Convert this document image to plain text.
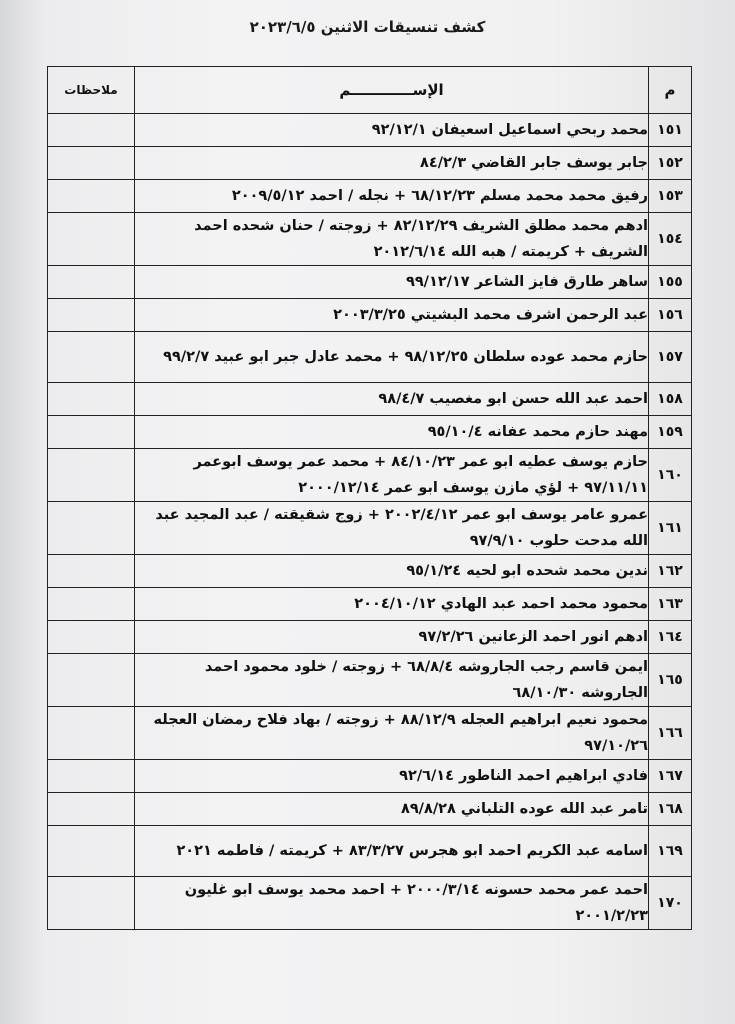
كشف تنسيقات الاثنين ٢٠٢٣/٦/٥
م	الإســــــــــــم	ملاحظات
١٥١	محمد ربحي اسماعيل اسعيفان ٩٢/١٢/١	
١٥٢	جابر يوسف جابر القاضي ٨٤/٢/٣	
١٥٣	رفيق محمد محمد مسلم ٦٨/١٢/٢٣ + نجله / احمد ٢٠٠٩/٥/١٢	
١٥٤	ادهم محمد مطلق الشريف ٨٢/١٢/٢٩ + زوجته / حنان شحده احمد الشريف + كريمته / هبه الله ٢٠١٢/٦/١٤	
١٥٥	ساهر طارق فايز الشاعر ٩٩/١٢/١٧	
١٥٦	عبد الرحمن اشرف محمد البشيتي ٢٠٠٣/٣/٢٥	
١٥٧	حازم محمد عوده سلطان ٩٨/١٢/٢٥ + محمد عادل جبر ابو عبيد ٩٩/٢/٧	
١٥٨	احمد عبد الله حسن ابو مغصيب ٩٨/٤/٧	
١٥٩	مهند حازم محمد عفانه ٩٥/١٠/٤	
١٦٠	حازم يوسف عطيه ابو عمر ٨٤/١٠/٢٣ + محمد عمر يوسف ابوعمر ٩٧/١١/١١ + لؤي مازن يوسف ابو عمر ٢٠٠٠/١٢/١٤	
١٦١	عمرو عامر يوسف ابو عمر ٢٠٠٢/٤/١٢ + زوج شقيقته / عبد المجيد عبد الله مدحت حلوب ٩٧/٩/١٠	
١٦٢	ندين محمد شحده ابو لحيه ٩٥/١/٢٤	
١٦٣	محمود محمد احمد عبد الهادي ٢٠٠٤/١٠/١٢	
١٦٤	ادهم انور احمد الزعانين ٩٧/٢/٢٦	
١٦٥	ايمن قاسم رجب الجاروشه ٦٨/٨/٤ + زوجته / خلود محمود احمد الجاروشه ٦٨/١٠/٣٠	
١٦٦	محمود نعيم ابراهيم العجله ٨٨/١٢/٩ + زوجته / بهاد فلاح رمضان العجله ٩٧/١٠/٢٦	
١٦٧	فادي ابراهيم احمد الناطور ٩٢/٦/١٤	
١٦٨	تامر عبد الله عوده التلباني ٨٩/٨/٢٨	
١٦٩	اسامه عبد الكريم احمد ابو هجرس ٨٣/٣/٢٧ + كريمته / فاطمه ٢٠٢١	
١٧٠	احمد عمر محمد حسونه ٢٠٠٠/٣/١٤ + احمد محمد يوسف ابو غليون ٢٠٠١/٢/٢٣	
